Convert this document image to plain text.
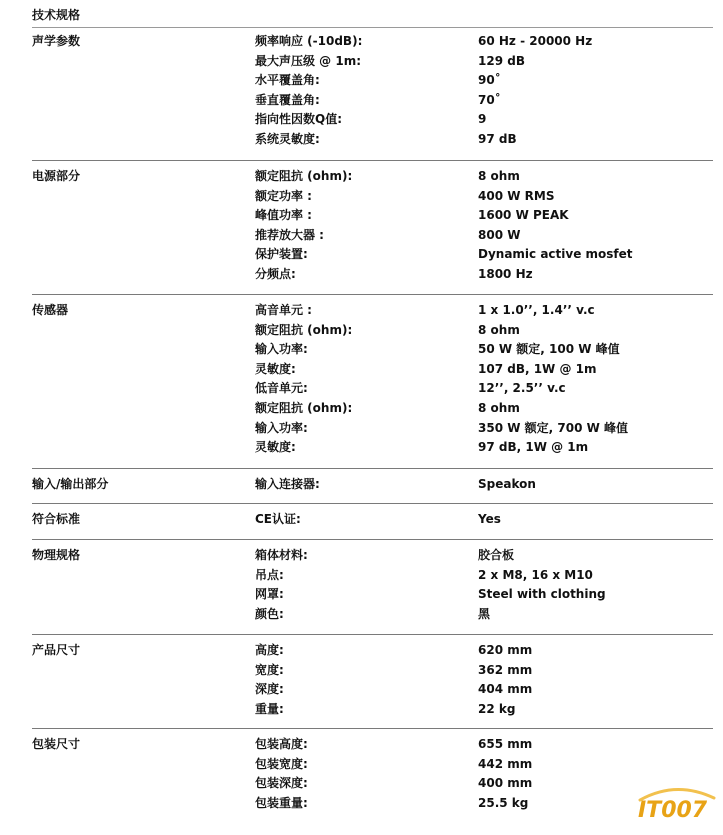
技术规格
声学参数	频率响应 (-10dB):	60 Hz - 20000 Hz
最大声压级 @ 1m:	129 dB
水平覆盖角:	90˚
垂直覆盖角:	70˚
指向性因数Q值:	9
系统灵敏度:	97 dB
电源部分	额定阻抗 (ohm):	8 ohm
额定功率 :	400 W RMS
峰值功率 :	1600 W PEAK
推荐放大器 :	800 W
保护装置:	Dynamic active mosfet
分频点:	1800 Hz
传感器	高音单元 :	1 x 1.0’’, 1.4’’ v.c
额定阻抗 (ohm):	8 ohm
输入功率:	50 W 额定, 100 W 峰值
灵敏度:	107 dB, 1W @ 1m
低音单元:	12’’, 2.5’’ v.c
额定阻抗 (ohm):	8 ohm
输入功率:	350 W 额定, 700 W 峰值
灵敏度:	97 dB, 1W @ 1m
输入/输出部分	输入连接器:	Speakon
符合标准	CE认证:	Yes
物理规格	箱体材料:	胶合板
吊点:	2 x M8, 16 x M10
网罩:	Steel with clothing
颜色:	黑
产品尺寸	高度:	620 mm
宽度:	362 mm
深度:	404 mm
重量:	22 kg
包装尺寸	包装高度:	655 mm
包装宽度:	442 mm
包装深度:	400 mm
包装重量:	25.5 kg	IT007
